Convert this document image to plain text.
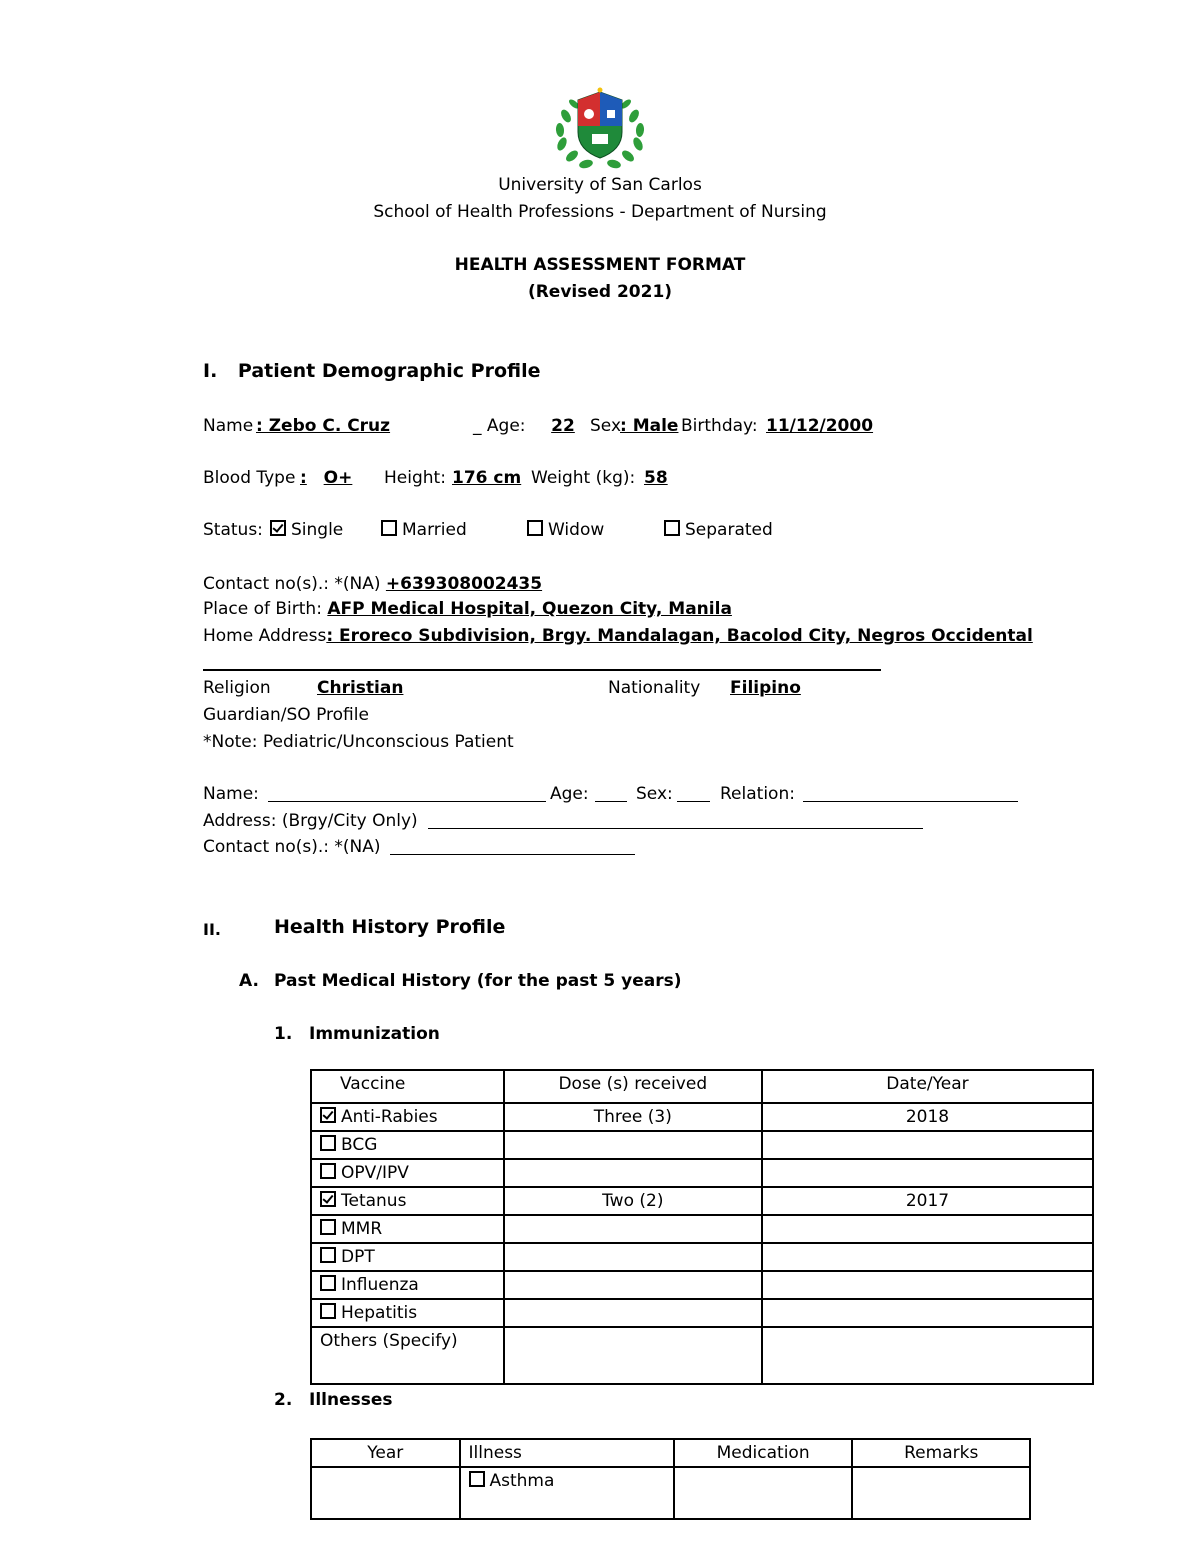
University of San Carlos
School of Health Professions - Department of Nursing
HEALTH ASSESSMENT FORMAT
(Revised 2021)
I. Patient Demographic Profile
Name : Zebo C. Cruz	_ Age:	22 Sex
: Male Birthday: 11/12/2000
Blood Type : O+	Height: 176 cm Weight (kg): 58
Status:	Single	Married	Widow	Separated
Contact no(s).: *(NA) +639308002435
Place of Birth: AFP Medical Hospital, Quezon City, Manila
Home Address: Eroreco Subdivision, Brgy. Mandalagan, Bacolod City, Negros Occidental
Religion	Christian	Nationality	Filipino
Guardian/SO Profile
*Note: Pediatric/Unconscious Patient
Name:	Age:	Sex:	Relation:
Address: (Brgy/City Only)
Contact no(s).: *(NA)
II.	Health History Profile
A. Past Medical History (for the past 5 years)
1. Immunization
Vaccine	Dose (s) received	Date/Year
Anti-Rabies	Three (3)	2018
BCG		
OPV/IPV		
Tetanus	Two (2)	2017
MMR		
DPT		
Influenza		
Hepatitis		
Others (Specify)		
2. Illnesses
Year	Illness	Medication	Remarks
	Asthma		
